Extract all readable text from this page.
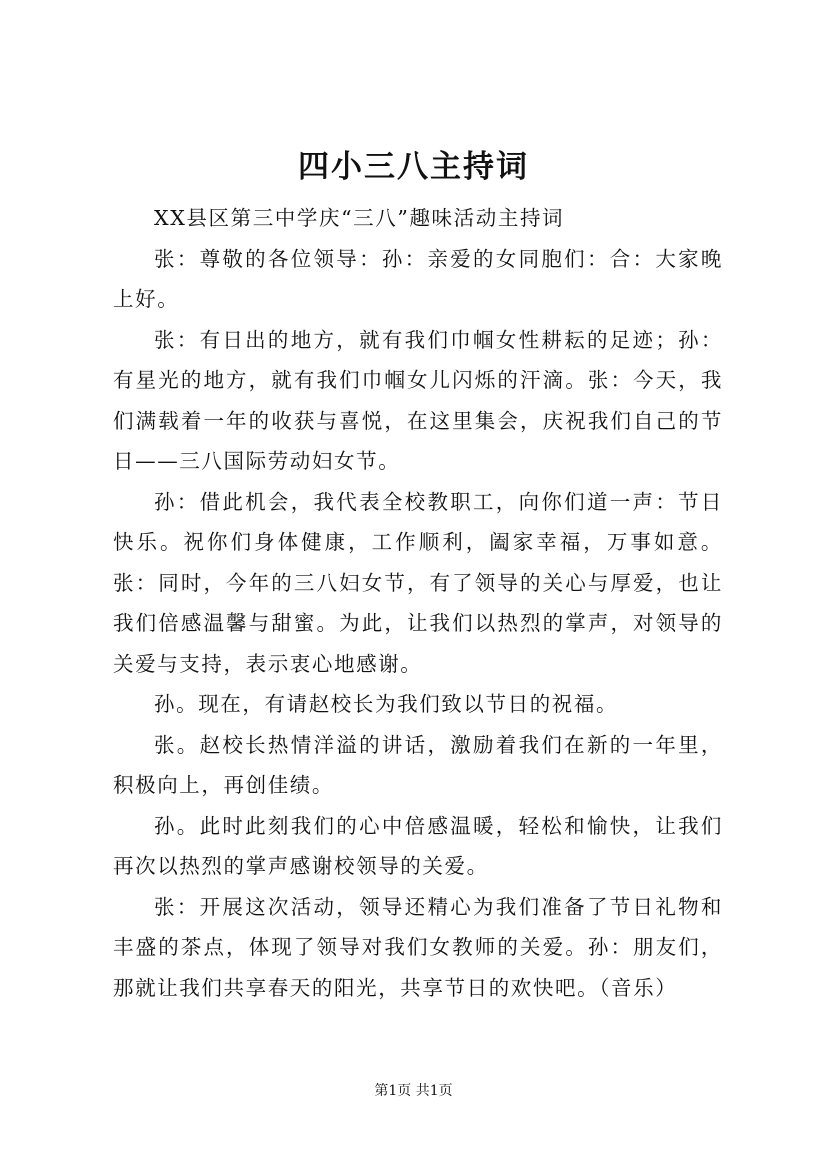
四小三八主持词

XX县区第三中学庆“三八”趣味活动主持词

张：尊敬的各位领导：孙：亲爱的女同胞们：合：大家晚上好。

张：有日出的地方，就有我们巾帼女性耕耘的足迹；孙：有星光的地方，就有我们巾帼女儿闪烁的汗滴。张：今天，我们满载着一年的收获与喜悦，在这里集会，庆祝我们自己的节日——三八国际劳动妇女节。

孙：借此机会，我代表全校教职工，向你们道一声：节日快乐。祝你们身体健康，工作顺利，阖家幸福，万事如意。张：同时，今年的三八妇女节，有了领导的关心与厚爱，也让我们倍感温馨与甜蜜。为此，让我们以热烈的掌声，对领导的关爱与支持，表示衷心地感谢。

孙。现在，有请赵校长为我们致以节日的祝福。

张。赵校长热情洋溢的讲话，激励着我们在新的一年里，积极向上，再创佳绩。

孙。此时此刻我们的心中倍感温暖，轻松和愉快，让我们再次以热烈的掌声感谢校领导的关爱。

张：开展这次活动，领导还精心为我们准备了节日礼物和丰盛的茶点，体现了领导对我们女教师的关爱。孙：朋友们，那就让我们共享春天的阳光，共享节日的欢快吧。（音乐）

第1页 共1页
